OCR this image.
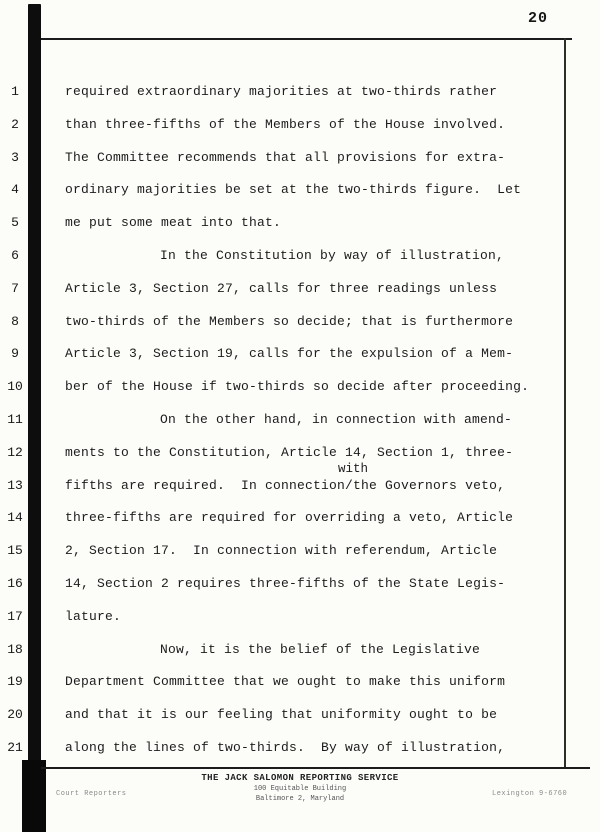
20
1	required extraordinary majorities at two-thirds rather
2	than three-fifths of the Members of the House involved.
3	The Committee recommends that all provisions for extra-
4	ordinary majorities be set at the two-thirds figure.  Let
5	me put some meat into that.
6	In the Constitution by way of illustration,
7	Article 3, Section 27, calls for three readings unless
8	two-thirds of the Members so decide; that is furthermore
9	Article 3, Section 19, calls for the expulsion of a Mem-
10	ber of the House if two-thirds so decide after proceeding.
11	On the other hand, in connection with amend-
12	ments to the Constitution, Article 14, Section 1, three-
13	fifths are required.  In connection/the Governors veto,
14	three-fifths are required for overriding a veto, Article
15	2, Section 17.  In connection with referendum, Article
16	14, Section 2 requires three-fifths of the State Legis-
17	lature.
18	Now, it is the belief of the Legislative
19	Department Committee that we ought to make this uniform
20	and that it is our feeling that uniformity ought to be
21	along the lines of two-thirds.  By way of illustration,
with
THE JACK SALOMON REPORTING SERVICE
100 Equitable Building
Baltimore 2, Maryland
Court Reporters	Lexington 9-6760
